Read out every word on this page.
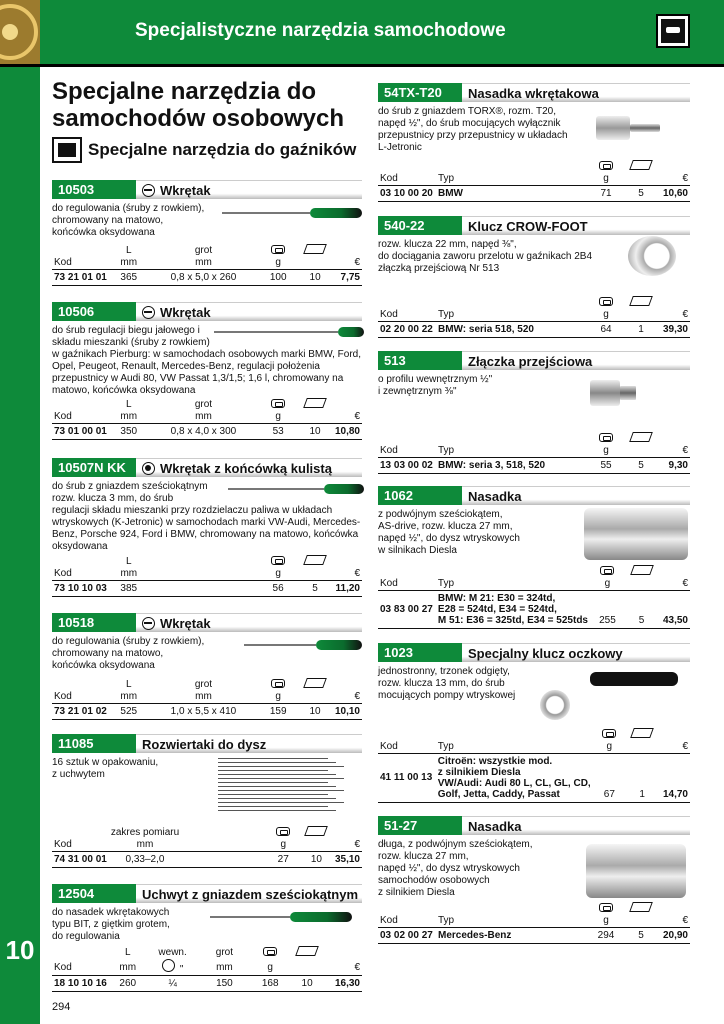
Specjalistyczne narzędzia samochodowe
10
294
Specjalne narzędzia do
samochodów osobowych
Specjalne narzędzia do gaźników
10503	Wkrętak
do regulowania (śruby z rowkiem),
chromowany na matowo,
końcówka oksydowana
	L	grot			
Kod	mm	mm	g		€
73 21 01 01	365	0,8 x 5,0 x 260	100	10	7,75
10506	Wkrętak
do śrub regulacji biegu jałowego i
składu mieszanki (śruby z rowkiem)
w gaźnikach Pierburg: w samochodach osobowych marki BMW, Ford,
Opel, Peugeot, Renault, Mercedes-Benz, regulacji położenia
przepustnicy w Audi 80, VW Passat 1,3/1,5; 1,6 l, chromowany na
matowo, końcówka oksydowana
	L	grot			
Kod	mm	mm	g		€
73 01 00 01	350	0,8 x 4,0 x 300	53	10	10,80
10507N KK	Wkrętak z końcówką kulistą
do śrub z gniazdem sześciokątnym
rozw. klucza 3 mm, do śrub
regulacji składu mieszanki przy rozdzielaczu paliwa w układach
wtryskowych (K-Jetronic) w samochodach marki VW-Audi, Mercedes-
Benz, Porsche 924, Ford i BMW, chromowany na matowo, końcówka
oksydowana
	L				
Kod	mm		g		€
73 10 10 03	385		56	5	11,20
10518	Wkrętak
do regulowania (śruby z rowkiem),
chromowany na matowo,
końcówka oksydowana
	L	grot			
Kod	mm	mm	g		€
73 21 01 02	525	1,0 x 5,5 x 410	159	10	10,10
11085	Rozwiertaki do dysz
16 sztuk w opakowaniu,
z uchwytem
	zakres pomiaru				
Kod	mm		g		€
74 31 00 01	0,33–2,0		27	10	35,10
12504	Uchwyt z gniazdem sześciokątnym
do nasadek wkrętakowych
typu BIT, z giętkim grotem,
do regulowania
	L	wewn.	grot			
Kod	mm	"	mm	g		€
18 10 10 16	260	¼	150	168	10	16,30
54TX-T20	Nasadka wkrętakowa
do śrub z gniazdem TORX®, rozm. T20,
napęd ½", do śrub mocujących wyłącznik
przepustnicy przy przepustnicy w układach
L-Jetronic

Kod	Typ	g		€
03 10 00 20	BMW	71	5	10,60
540-22	Klucz CROW-FOOT
rozw. klucza 22 mm, napęd ⅜",
do dociągania zaworu przelotu w gaźnikach 2B4
złączką przejściową Nr 513

Kod	Typ	g		€
02 20 00 22	BMW: seria 518, 520	64	1	39,30
513	Złączka przejściowa
o profilu wewnętrznym ½"
i zewnętrznym ⅜"

Kod	Typ	g		€
13 03 00 02	BMW: seria 3, 518, 520	55	5	9,30
1062	Nasadka
z podwójnym sześciokątem,
AS-drive, rozw. klucza 27 mm,
napęd ½", do dysz wtryskowych
w silnikach Diesla

Kod	Typ	g		€
03 83 00 27	BMW: M 21: E30 = 324td,
E28 = 524td, E34 = 524td,
M 51: E36 = 325td, E34 = 525tds	255	5	43,50
1023	Specjalny klucz oczkowy
jednostronny, trzonek odgięty,
rozw. klucza 13 mm, do śrub
mocujących pompy wtryskowej

Kod	Typ	g		€
41 11 00 13	Citroën: wszystkie mod.
z silnikiem Diesla
VW/Audi: Audi 80 L, CL, GL, CD,
Golf, Jetta, Caddy, Passat	67	1	14,70
51-27	Nasadka
długa, z podwójnym sześciokątem,
rozw. klucza 27 mm,
napęd ½", do dysz wtryskowych
samochodów osobowych
z silnikiem Diesla

Kod	Typ	g		€
03 02 00 27	Mercedes-Benz	294	5	20,90
